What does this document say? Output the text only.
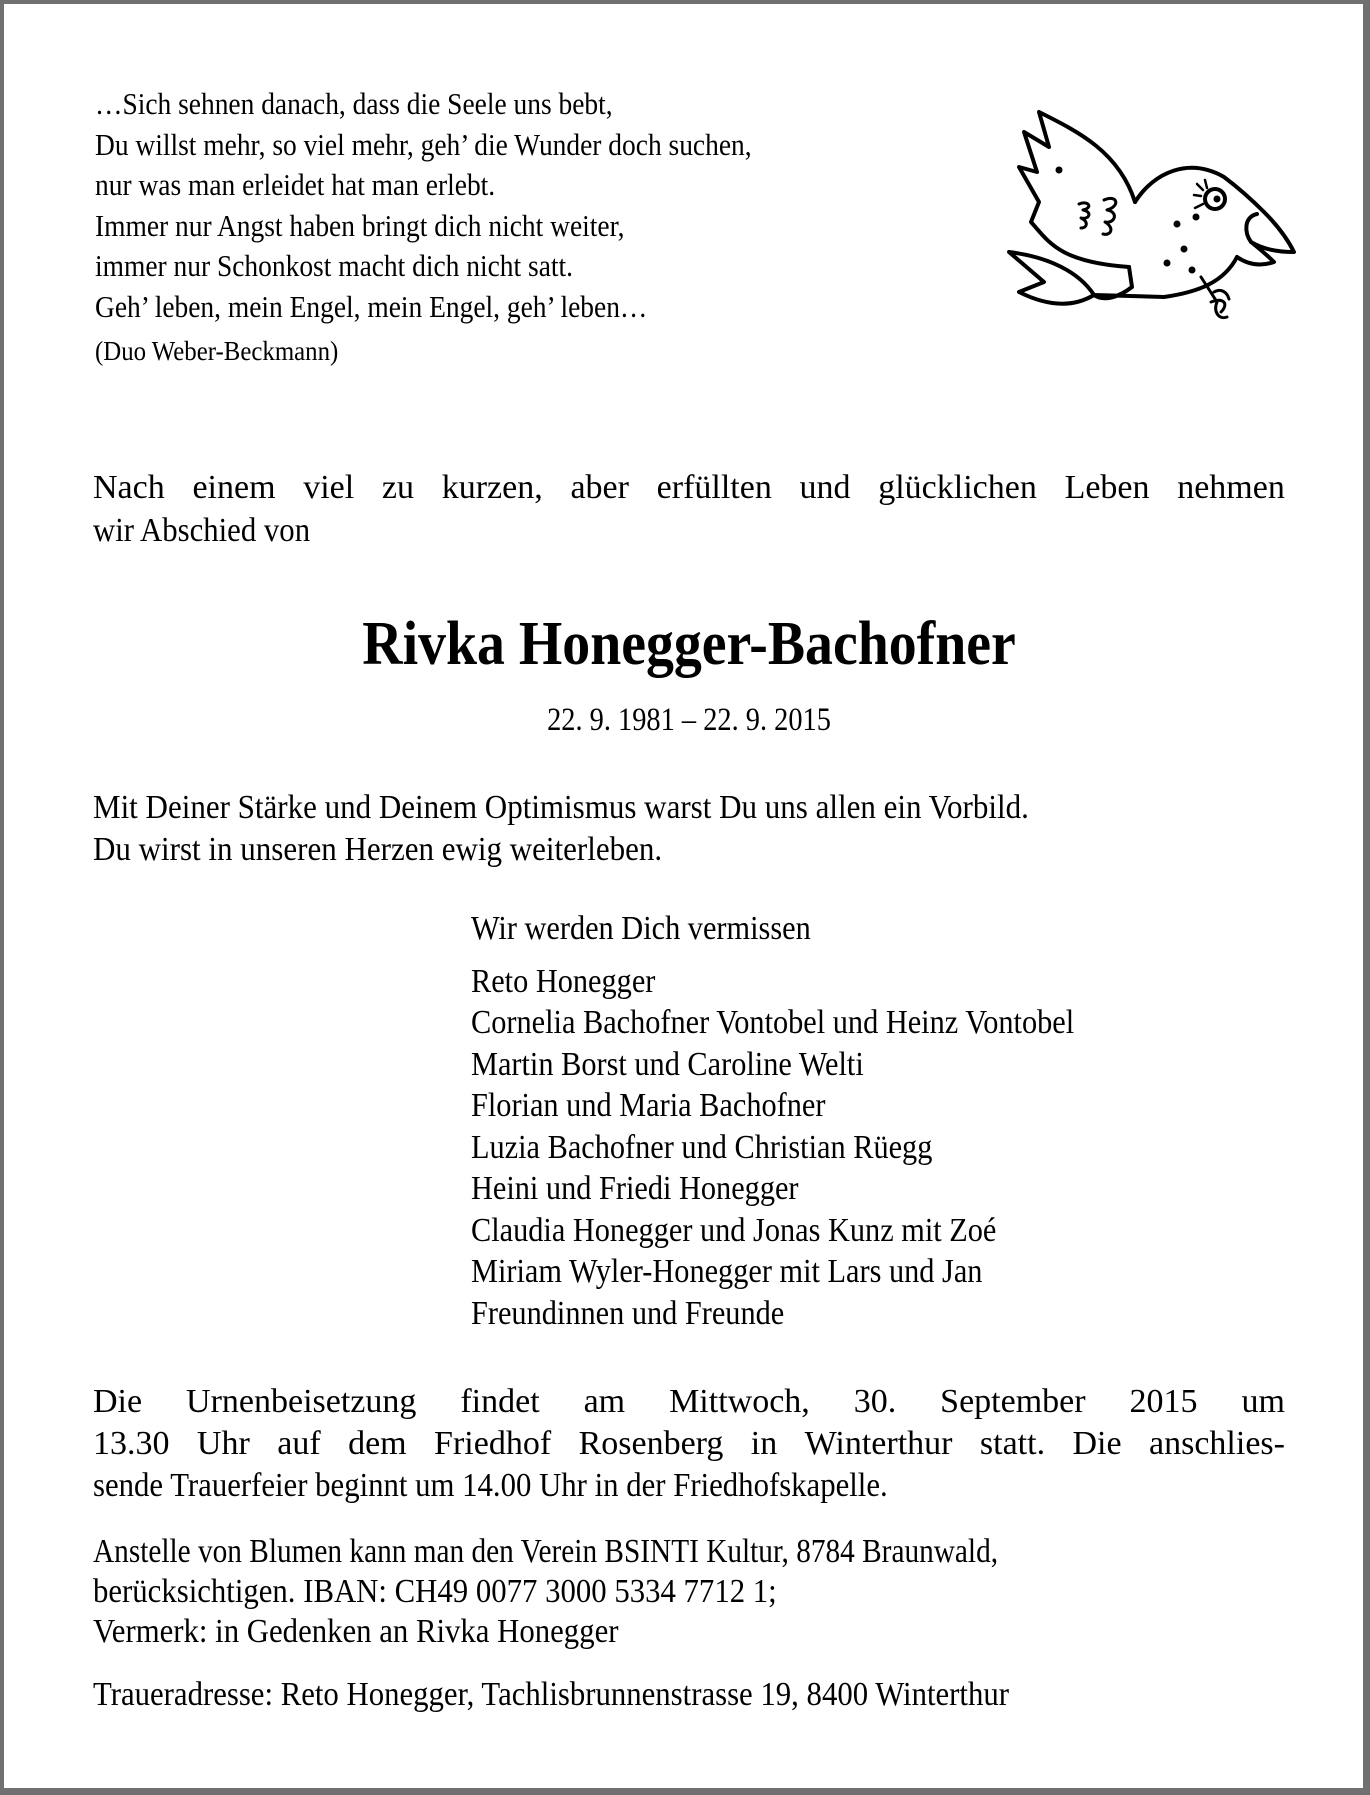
…Sich sehnen danach, dass die Seele uns bebt,
Du willst mehr, so viel mehr, geh’ die Wunder doch suchen,
nur was man erleidet hat man erlebt.
Immer nur Angst haben bringt dich nicht weiter,
immer nur Schonkost macht dich nicht satt.
Geh’ leben, mein Engel, mein Engel, geh’ leben…
(Duo Weber-Beckmann)
Nach einem viel zu kurzen, aber erfüllten und glücklichen Leben nehmen
wir Abschied von
Rivka Honegger-Bachofner
22. 9. 1981 – 22. 9. 2015
Mit Deiner Stärke und Deinem Optimismus warst Du uns allen ein Vorbild.
Du wirst in unseren Herzen ewig weiterleben.
Wir werden Dich vermissen
Reto Honegger
Cornelia Bachofner Vontobel und Heinz Vontobel
Martin Borst und Caroline Welti
Florian und Maria Bachofner
Luzia Bachofner und Christian Rüegg
Heini und Friedi Honegger
Claudia Honegger und Jonas Kunz mit Zoé
Miriam Wyler-Honegger mit Lars und Jan
Freundinnen und Freunde
Die Urnenbeisetzung findet am Mittwoch, 30. September 2015 um
13.30 Uhr auf dem Friedhof Rosenberg in Winterthur statt. Die anschlies-
sende Trauerfeier beginnt um 14.00 Uhr in der Friedhofskapelle.
Anstelle von Blumen kann man den Verein BSINTI Kultur, 8784 Braunwald,
berücksichtigen. IBAN: CH49 0077 3000 5334 7712 1;
Vermerk: in Gedenken an Rivka Honegger
Traueradresse: Reto Honegger, Tachlisbrunnenstrasse 19, 8400 Winterthur
